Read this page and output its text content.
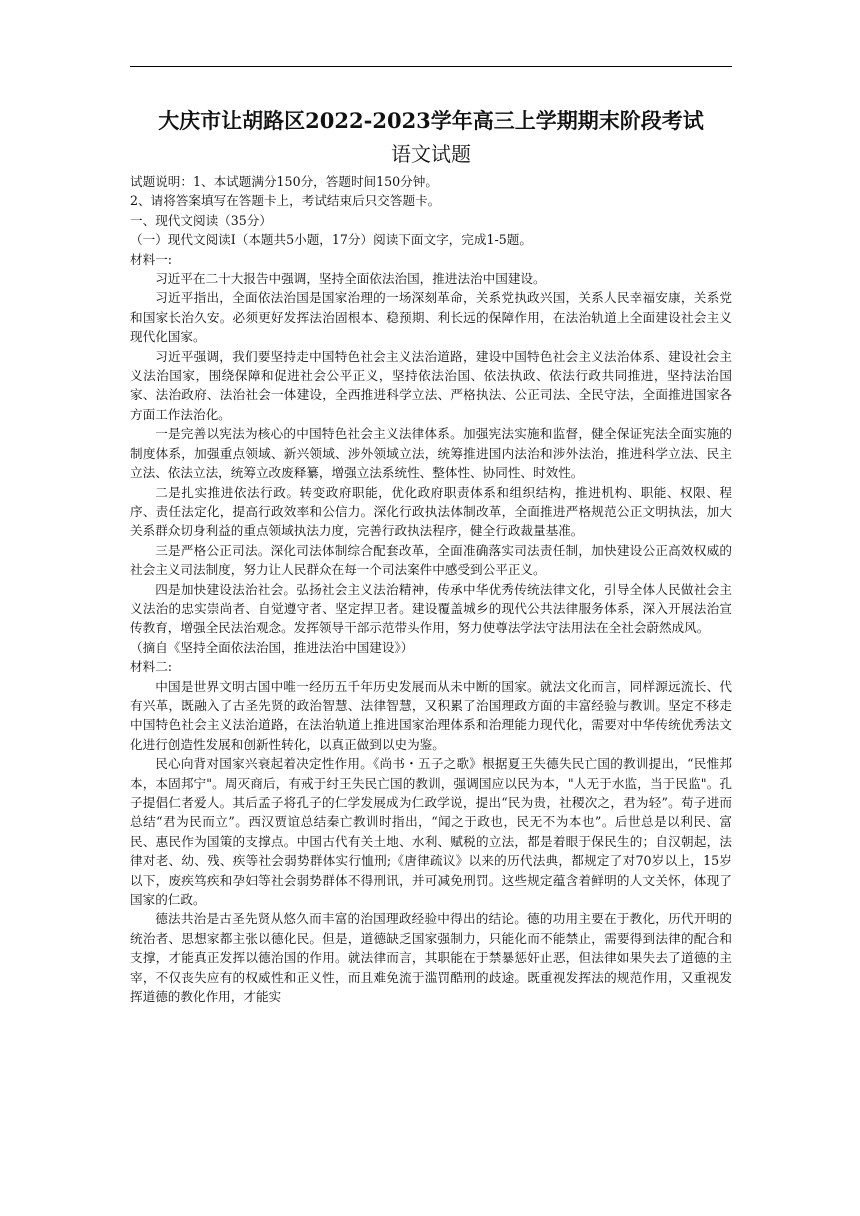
大庆市让胡路区2022-2023学年高三上学期期末阶段考试
语文试题

试题说明：1、本试题满分150分，答题时间150分钟。

2、请将答案填写在答题卡上，考试结束后只交答题卡。

一、现代文阅读（35分）

（一）现代文阅读I（本题共5小题，17分）阅读下面文字，完成1-5题。

材料一:

习近平在二十大报告中强调，坚持全面依法治国，推进法治中国建设。

习近平指出，全面依法治国是国家治理的一场深刻革命，关系党执政兴国，关系人民幸福安康，关系党和国家长治久安。必须更好发挥法治固根本、稳预期、利长远的保障作用，在法治轨道上全面建设社会主义现代化国家。

习近平强调，我们要坚持走中国特色社会主义法治道路，建设中国特色社会主义法治体系、建设社会主义法治国家，围绕保障和促进社会公平正义，坚持依法治国、依法执政、依法行政共同推进，坚持法治国家、法治政府、法治社会一体建设，全西推进科学立法、严格执法、公正司法、全民守法，全面推进国家各方面工作法治化。

一是完善以宪法为核心的中国特色社会主义法律体系。加强宪法实施和监督，健全保证宪法全面实施的制度体系，加强重点领域、新兴领域、涉外领域立法，统筹推进国内法治和涉外法治，推进科学立法、民主立法、依法立法，统筹立改废释纂，增强立法系统性、整体性、协同性、时效性。

二是扎实推进依法行政。转变政府职能，优化政府职责体系和组织结构，推进机构、职能、权限、程序、责任法定化，提高行政效率和公信力。深化行政执法体制改革，全面推进严格规范公正文明执法，加大关系群众切身利益的重点领域执法力度，完善行政执法程序，健全行政裁量基准。

三是严格公正司法。深化司法体制综合配套改革，全面准确落实司法责任制，加快建设公正高效权威的社会主义司法制度，努力让人民群众在每一个司法案件中感受到公平正义。

四是加快建设法治社会。弘扬社会主义法治精神，传承中华优秀传统法律文化，引导全体人民做社会主义法治的忠实崇尚者、自觉遵守者、坚定捍卫者。建设覆盖城乡的现代公共法律服务体系，深入开展法治宣传教育，增强全民法治观念。发挥领导干部示范带头作用，努力使尊法学法守法用法在全社会蔚然成风。

（摘自《坚持全面依法治国，推进法治中国建设》）

材料二:

中国是世界文明古国中唯一经历五千年历史发展而从未中断的国家。就法文化而言，同样源远流长、代有兴革，既融入了古圣先贤的政治智慧、法律智慧，又积累了治国理政方面的丰富经验与教训。坚定不移走中国特色社会主义法治道路，在法治轨道上推进国家治理体系和治理能力现代化，需要对中华传统优秀法文化进行创造性发展和创新性转化，以真正做到以史为鉴。

民心向背对国家兴衰起着决定性作用。《尚书・五子之歌》根据夏王失德失民亡国的教训提出，“民惟邦本，本固邦宁"。周灭商后，有戒于纣王失民亡国的教训，强调国应以民为本，"人无于水监，当于民监"。孔子提倡仁者爱人。其后孟子将孔子的仁学发展成为仁政学说，提出“民为贵，社稷次之，君为轻”。荀子进而总结“君为民而立”。西汉贾谊总结秦亡教训时指出，“闻之于政也，民无不为本也”。后世总是以利民、富民、惠民作为国策的支撑点。中国古代有关土地、水利、赋税的立法，都是着眼于保民生的；自汉朝起，法律对老、幼、残、疾等社会弱势群体实行恤刑;《唐律疏议》以来的历代法典，都规定了对70岁以上，15岁以下，废疾笃疾和孕妇等社会弱势群体不得刑讯，并可减免刑罚。这些规定蕴含着鲜明的人文关怀，体现了国家的仁政。

德法共治是古圣先贤从悠久而丰富的治国理政经验中得出的结论。德的功用主要在于教化，历代开明的统治者、思想家都主张以德化民。但是，道德缺乏国家强制力，只能化而不能禁止，需要得到法律的配合和支撑，才能真正发挥以德治国的作用。就法律而言，其职能在于禁暴惩奸止恶，但法律如果失去了道德的主宰，不仅丧失应有的权威性和正义性，而且难免流于滥罚酷刑的歧途。既重视发挥法的规范作用，又重视发挥道德的教化作用，才能实
